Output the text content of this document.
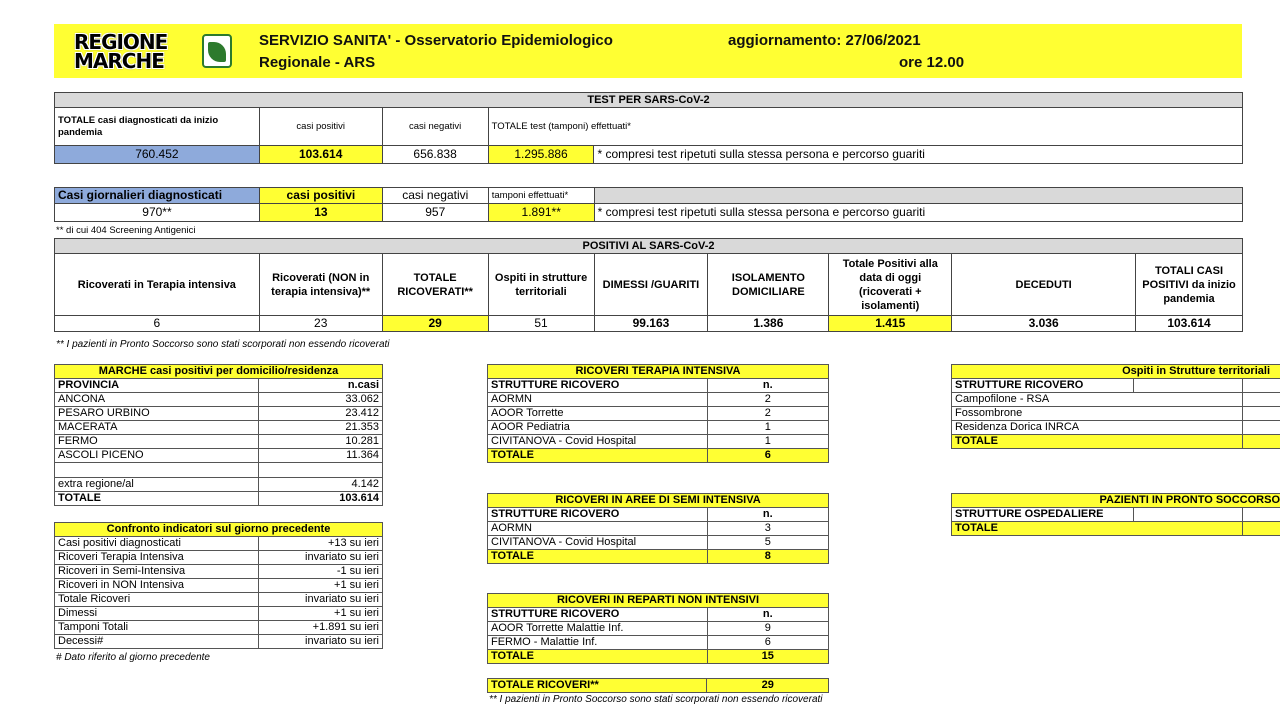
REGIONE
MARCHE
SERVIZIO SANITA' - Osservatorio Epidemiologico
Regionale - ARS
aggiornamento: 27/06/2021
ore 12.00
TEST PER SARS-CoV-2				
TOTALE casi diagnosticati da inizio pandemia	casi positivi	casi negativi	TOTALE test (tamponi) effettuati*	
760.452	103.614	656.838	1.295.886	* compresi test ripetuti sulla stessa persona e percorso guariti
Casi giornalieri diagnosticati	casi positivi	casi negativi	tamponi effettuati*	
970**	13	957	1.891**	* compresi test ripetuti sulla stessa persona e percorso guariti
** di cui 404 Screening Antigenici
POSITIVI AL SARS-CoV-2								
Ricoverati in Terapia intensiva	Ricoverati (NON in terapia intensiva)**	TOTALE RICOVERATI**	Ospiti in strutture territoriali	DIMESSI /GUARITI	ISOLAMENTO DOMICILIARE	Totale Positivi alla data di oggi (ricoverati + isolamenti)	DECEDUTI	TOTALI CASI POSITIVI da inizio pandemia
6	23	29	51	99.163	1.386	1.415	3.036	103.614
** I pazienti in Pronto Soccorso sono stati scorporati non essendo ricoverati
MARCHE casi positivi per domicilio/residenza	
PROVINCIA	n.casi
ANCONA	33.062
PESARO URBINO	23.412
MACERATA	21.353
FERMO	10.281
ASCOLI PICENO	11.364

extra regione/al	4.142
TOTALE	103.614
Confronto indicatori sul giorno precedente	
Casi positivi diagnosticati	+13 su ieri
Ricoveri Terapia Intensiva	invariato su ieri
Ricoveri in Semi-Intensiva	-1 su ieri
Ricoveri in NON Intensiva	+1 su ieri
Totale Ricoveri	invariato su ieri
Dimessi	+1 su ieri
Tamponi Totali	+1.891 su ieri
Decessi#	invariato su ieri
# Dato riferito al giorno precedente
RICOVERI TERAPIA INTENSIVA	
STRUTTURE RICOVERO	n.
AORMN	2
AOOR Torrette	2
AOOR Pediatria	1
CIVITANOVA - Covid Hospital	1
TOTALE	6
RICOVERI IN AREE DI SEMI INTENSIVA	
STRUTTURE RICOVERO	n.
AORMN	3
CIVITANOVA - Covid Hospital	5
TOTALE	8
RICOVERI IN REPARTI NON INTENSIVI	
STRUTTURE RICOVERO	n.
AOOR Torrette Malattie Inf.	9
FERMO - Malattie Inf.	6
TOTALE	15
TOTALE RICOVERI**	29
** I pazienti in Pronto Soccorso sono stati scorporati non essendo ricoverati
Ospiti in Strutture territoriali		
STRUTTURE RICOVERO		
Campofilone - RSA		
Fossombrone		
Residenza Dorica INRCA		
TOTALE		
PAZIENTI IN PRONTO SOCCORSO		
STRUTTURE OSPEDALIERE		
TOTALE		
